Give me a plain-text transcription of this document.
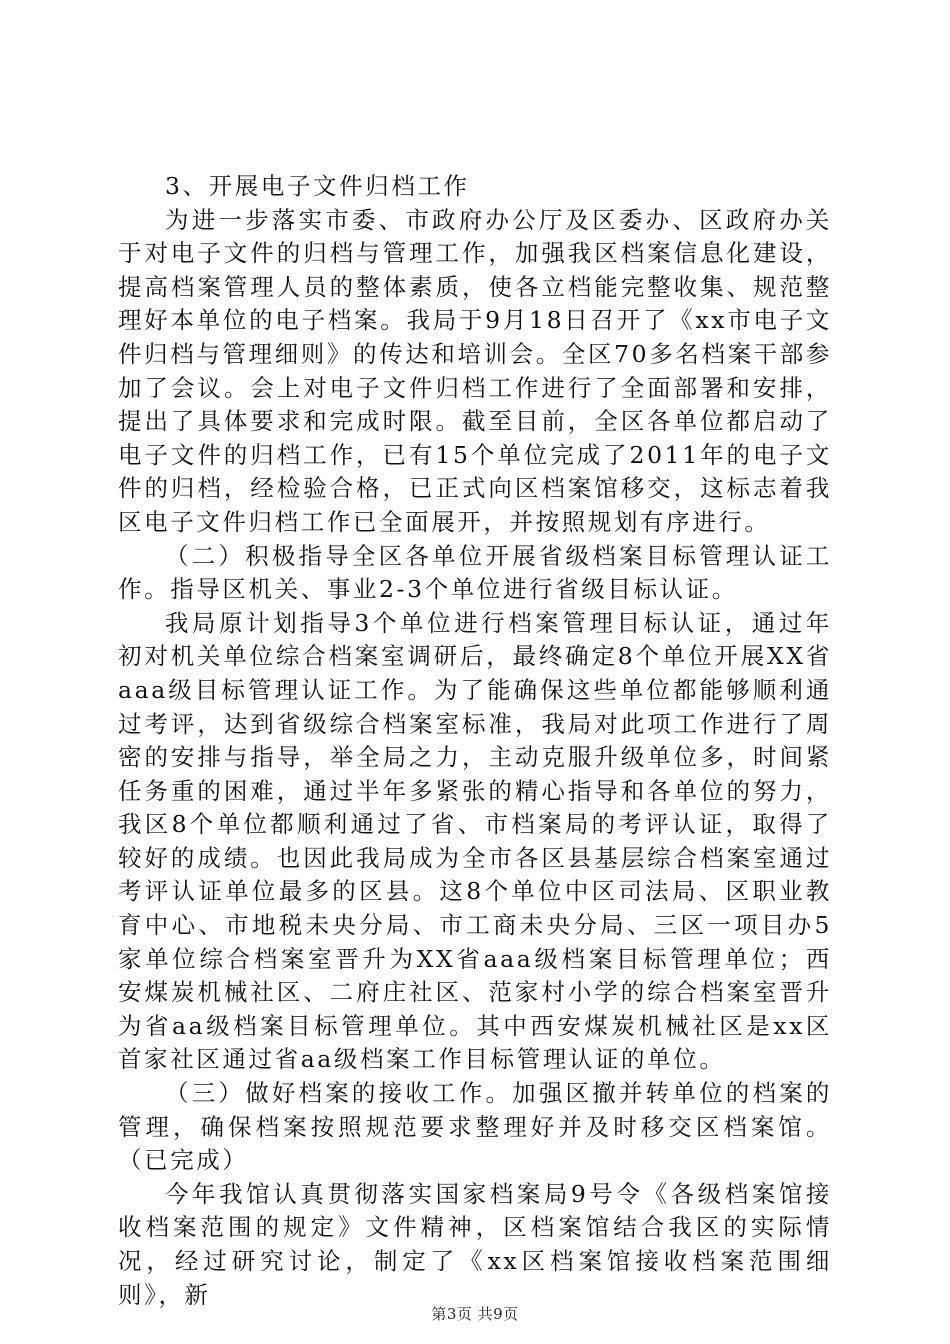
3、开展电子文件归档工作

为进一步落实市委、市政府办公厅及区委办、区政府办关于对电子文件的归档与管理工作，加强我区档案信息化建设，提高档案管理人员的整体素质，使各立档能完整收集、规范整理好本单位的电子档案。我局于9月18日召开了《xx市电子文件归档与管理细则》的传达和培训会。全区70多名档案干部参加了会议。会上对电子文件归档工作进行了全面部署和安排，提出了具体要求和完成时限。截至目前，全区各单位都启动了电子文件的归档工作，已有15个单位完成了2011年的电子文件的归档，经检验合格，已正式向区档案馆移交，这标志着我区电子文件归档工作已全面展开，并按照规划有序进行。

（二）积极指导全区各单位开展省级档案目标管理认证工作。指导区机关、事业2-3个单位进行省级目标认证。

我局原计划指导3个单位进行档案管理目标认证，通过年初对机关单位综合档案室调研后，最终确定8个单位开展XX省aaa级目标管理认证工作。为了能确保这些单位都能够顺利通过考评，达到省级综合档案室标准，我局对此项工作进行了周密的安排与指导，举全局之力，主动克服升级单位多，时间紧任务重的困难，通过半年多紧张的精心指导和各单位的努力，我区8个单位都顺利通过了省、市档案局的考评认证，取得了较好的成绩。也因此我局成为全市各区县基层综合档案室通过考评认证单位最多的区县。这8个单位中区司法局、区职业教育中心、市地税未央分局、市工商未央分局、三区一项目办5家单位综合档案室晋升为XX省aaa级档案目标管理单位；西安煤炭机械社区、二府庄社区、范家村小学的综合档案室晋升为省aa级档案目标管理单位。其中西安煤炭机械社区是xx区首家社区通过省aa级档案工作目标管理认证的单位。

（三）做好档案的接收工作。加强区撤并转单位的档案的管理，确保档案按照规范要求整理好并及时移交区档案馆。（已完成）

今年我馆认真贯彻落实国家档案局9号令《各级档案馆接收档案范围的规定》文件精神，区档案馆结合我区的实际情况，经过研究讨论，制定了《xx区档案馆接收档案范围细则》，新

第3页 共9页
